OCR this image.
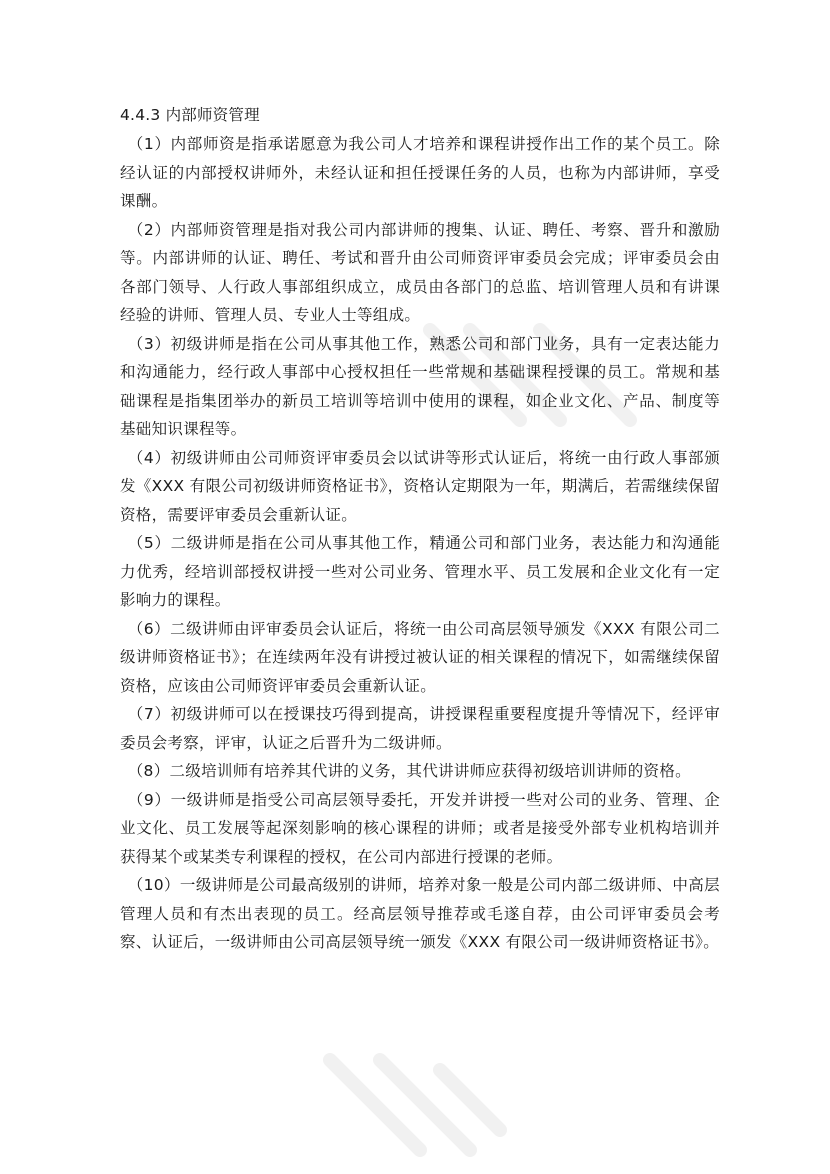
4.4.3 内部师资管理

（1）内部师资是指承诺愿意为我公司人才培养和课程讲授作出工作的某个员工。除经认证的内部授权讲师外，未经认证和担任授课任务的人员，也称为内部讲师，享受课酬。

（2）内部师资管理是指对我公司内部讲师的搜集、认证、聘任、考察、晋升和激励等。内部讲师的认证、聘任、考试和晋升由公司师资评审委员会完成；评审委员会由各部门领导、人行政人事部组织成立，成员由各部门的总监、培训管理人员和有讲课经验的讲师、管理人员、专业人士等组成。

（3）初级讲师是指在公司从事其他工作，熟悉公司和部门业务，具有一定表达能力和沟通能力，经行政人事部中心授权担任一些常规和基础课程授课的员工。常规和基础课程是指集团举办的新员工培训等培训中使用的课程，如企业文化、产品、制度等基础知识课程等。

（4）初级讲师由公司师资评审委员会以试讲等形式认证后，将统一由行政人事部颁发《XXX 有限公司初级讲师资格证书》，资格认定期限为一年，期满后，若需继续保留资格，需要评审委员会重新认证。

（5）二级讲师是指在公司从事其他工作，精通公司和部门业务，表达能力和沟通能力优秀，经培训部授权讲授一些对公司业务、管理水平、员工发展和企业文化有一定影响力的课程。

（6）二级讲师由评审委员会认证后，将统一由公司高层领导颁发《XXX 有限公司二级讲师资格证书》；在连续两年没有讲授过被认证的相关课程的情况下，如需继续保留资格，应该由公司师资评审委员会重新认证。

（7）初级讲师可以在授课技巧得到提高，讲授课程重要程度提升等情况下，经评审委员会考察，评审，认证之后晋升为二级讲师。

（8）二级培训师有培养其代讲的义务，其代讲讲师应获得初级培训讲师的资格。

（9）一级讲师是指受公司高层领导委托，开发并讲授一些对公司的业务、管理、企业文化、员工发展等起深刻影响的核心课程的讲师；或者是接受外部专业机构培训并获得某个或某类专利课程的授权，在公司内部进行授课的老师。

（10）一级讲师是公司最高级别的讲师，培养对象一般是公司内部二级讲师、中高层管理人员和有杰出表现的员工。经高层领导推荐或毛遂自荐，由公司评审委员会考察、认证后，一级讲师由公司高层领导统一颁发《XXX 有限公司一级讲师资格证书》。
